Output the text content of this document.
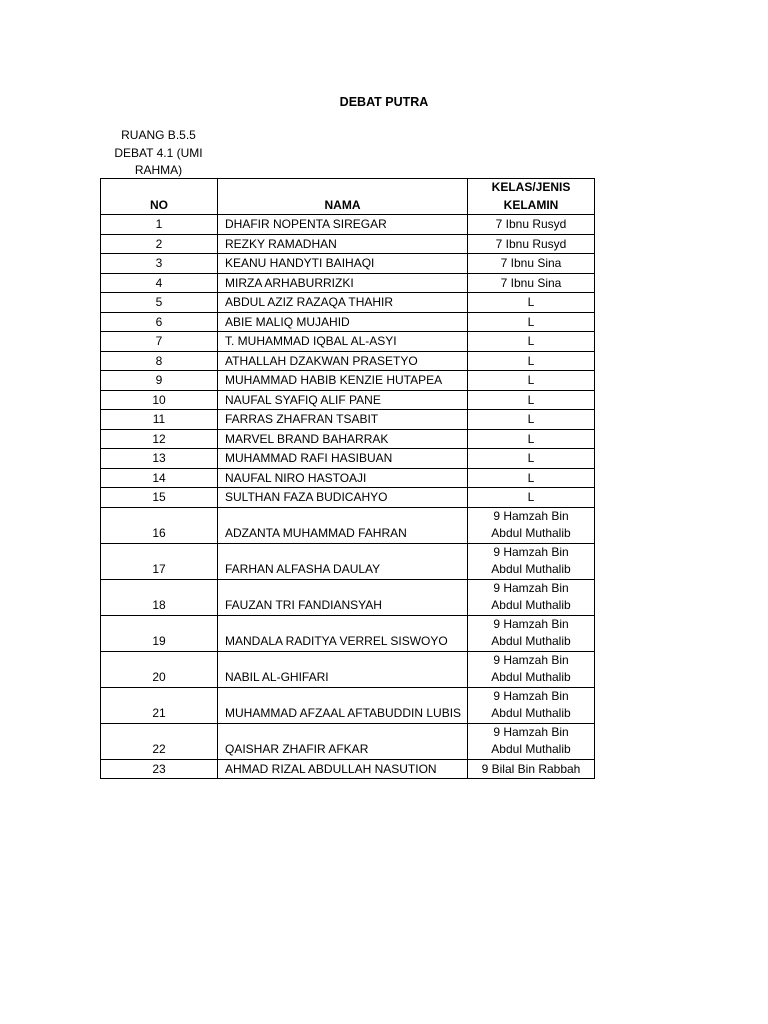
DEBAT PUTRA
RUANG B.5.5
DEBAT 4.1 (UMI
RAHMA)
NO	NAMA	KELAS/JENIS
KELAMIN

1	DHAFIR NOPENTA SIREGAR	7 Ibnu Rusyd

2	REZKY RAMADHAN	7 Ibnu Rusyd

3	KEANU HANDYTI BAIHAQI	7 Ibnu Sina

4	MIRZA ARHABURRIZKI	7 Ibnu Sina

5	ABDUL AZIZ RAZAQA THAHIR	L

6	ABIE MALIQ MUJAHID	L

7	T. MUHAMMAD IQBAL AL-ASYI	L

8	ATHALLAH DZAKWAN PRASETYO	L

9	MUHAMMAD HABIB KENZIE HUTAPEA	L

10	NAUFAL SYAFIQ ALIF PANE	L

11	FARRAS ZHAFRAN TSABIT	L

12	MARVEL BRAND BAHARRAK	L

13	MUHAMMAD RAFI HASIBUAN	L

14	NAUFAL NIRO HASTOAJI	L

15	SULTHAN FAZA BUDICAHYO	L

16	ADZANTA MUHAMMAD FAHRAN	9 Hamzah Bin
Abdul Muthalib

17	FARHAN ALFASHA DAULAY	9 Hamzah Bin
Abdul Muthalib

18	FAUZAN TRI FANDIANSYAH	9 Hamzah Bin
Abdul Muthalib

19	MANDALA RADITYA VERREL SISWOYO	9 Hamzah Bin
Abdul Muthalib

20	NABIL AL-GHIFARI	9 Hamzah Bin
Abdul Muthalib

21	MUHAMMAD AFZAAL AFTABUDDIN LUBIS	9 Hamzah Bin
Abdul Muthalib

22	QAISHAR ZHAFIR AFKAR	9 Hamzah Bin
Abdul Muthalib

23	AHMAD RIZAL ABDULLAH NASUTION	9 Bilal Bin Rabbah
